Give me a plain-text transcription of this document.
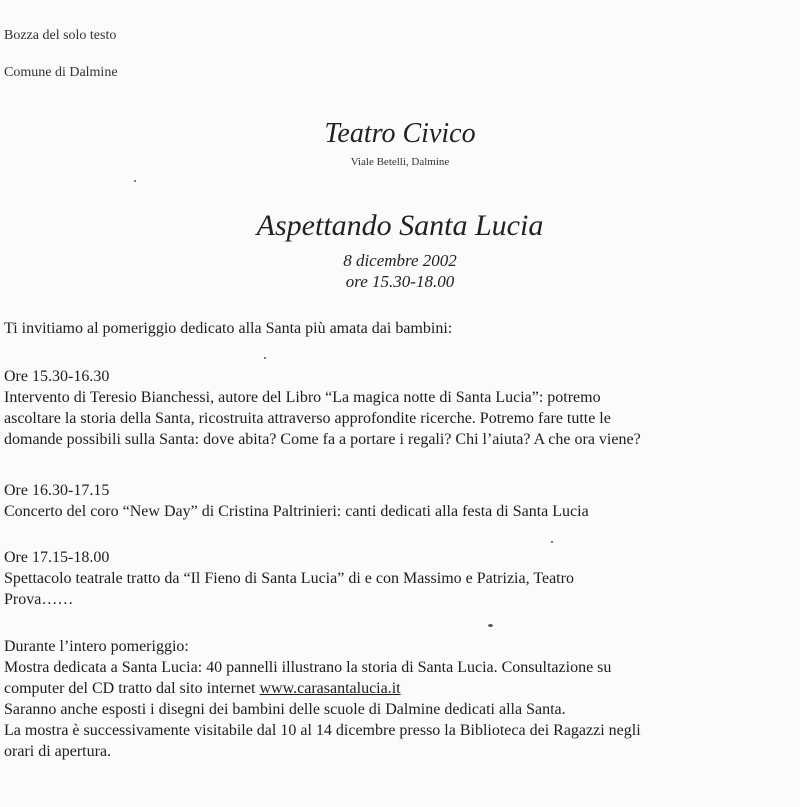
Bozza del solo testo
Comune di Dalmine
Teatro Civico
Viale Betelli, Dalmine
Aspettando Santa Lucia
8 dicembre 2002
ore 15.30-18.00
Ti invitiamo al pomeriggio dedicato alla Santa più amata dai bambini:
Ore 15.30-16.30
Intervento di Teresio Bianchessi, autore del Libro “La magica notte di Santa Lucia”: potremo
ascoltare la storia della Santa, ricostruita attraverso approfondite ricerche. Potremo fare tutte le
domande possibili sulla Santa: dove abita? Come fa a portare i regali? Chi l’aiuta? A che ora viene?
Ore 16.30-17.15
Concerto del coro “New Day” di Cristina Paltrinieri: canti dedicati alla festa di Santa Lucia
Ore 17.15-18.00
Spettacolo teatrale tratto da “Il Fieno di Santa Lucia” di e con Massimo e Patrizia, Teatro
Prova……
Durante l’intero pomeriggio:
Mostra dedicata a Santa Lucia: 40 pannelli illustrano la storia di Santa Lucia. Consultazione su
computer del CD tratto dal sito internet www.carasantalucia.it
Saranno anche esposti i disegni dei bambini delle scuole di Dalmine dedicati alla Santa.
La mostra è successivamente visitabile dal 10 al 14 dicembre presso la Biblioteca dei Ragazzi negli
orari di apertura.
